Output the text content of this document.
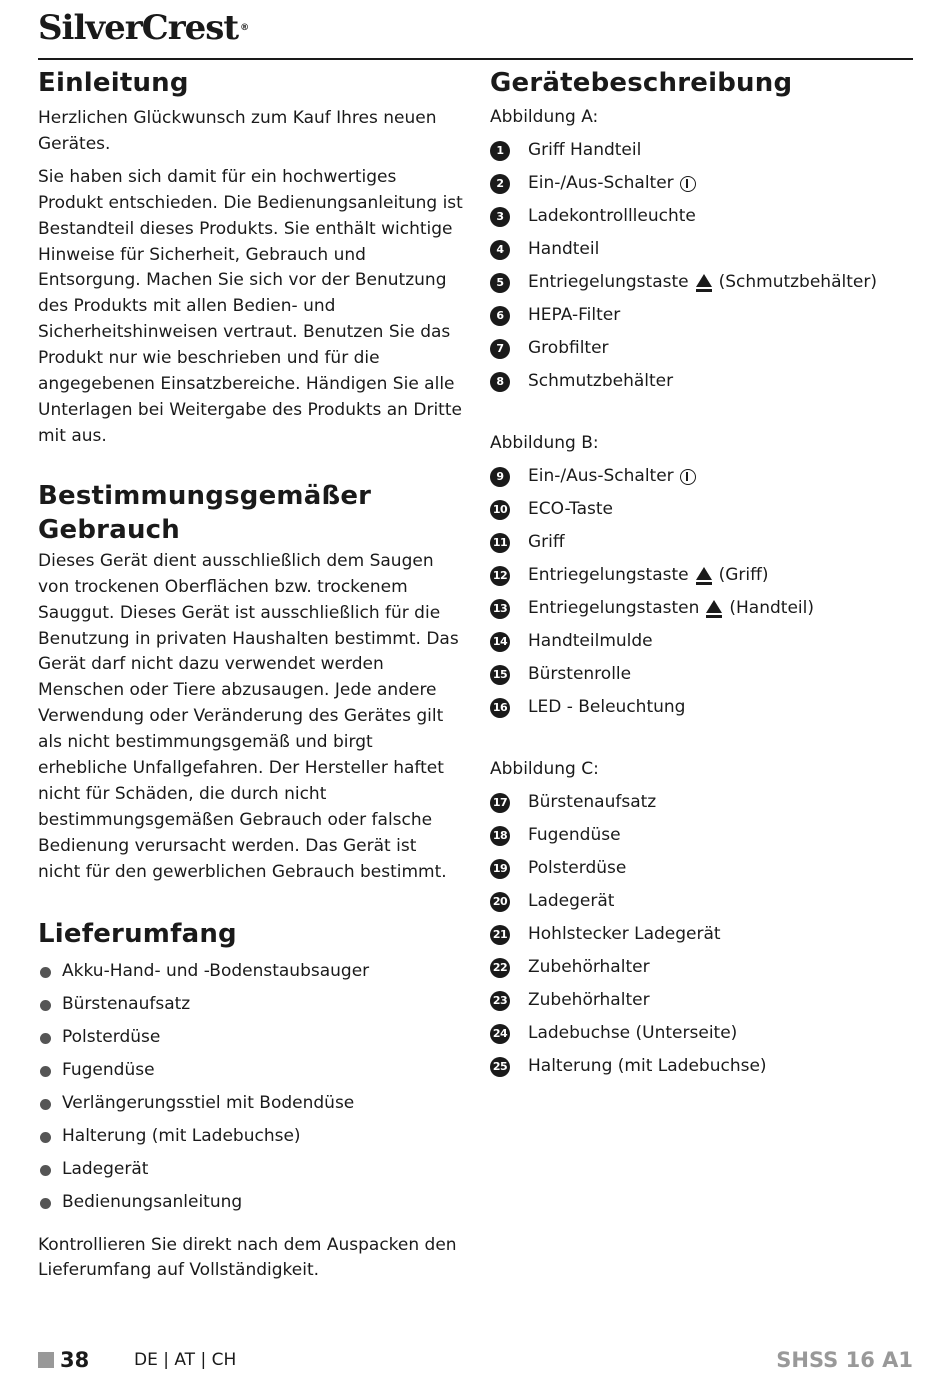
SilverCrest ®
Einleitung

Herzlichen Glückwunsch zum Kauf Ihres neuen Gerätes.

Sie haben sich damit für ein hochwertiges Produkt entschieden. Die Bedienungsanleitung ist Bestandteil dieses Produkts. Sie enthält wichtige Hinweise für Sicherheit, Gebrauch und Entsorgung. Machen Sie sich vor der Benutzung des Produkts mit allen Bedien- und Sicherheitshinweisen vertraut. Benutzen Sie das Produkt nur wie beschrieben und für die angegebenen Einsatzbereiche. Händigen Sie alle Unterlagen bei Weitergabe des Produkts an Dritte mit aus.

Bestimmungsgemäßer
Gebrauch

Dieses Gerät dient ausschließlich dem Saugen von trockenen Oberflächen bzw. trockenem Sauggut. Dieses Gerät ist ausschließlich für die Benutzung in privaten Haushalten bestimmt. Das Gerät darf nicht dazu verwendet werden Menschen oder Tiere abzusaugen. Jede andere Verwendung oder Veränderung des Gerätes gilt als nicht bestimmungsgemäß und birgt erhebliche Unfallgefahren. Der Hersteller haftet nicht für Schäden, die durch nicht bestimmungsgemäßen Gebrauch oder falsche Bedienung verursacht werden. Das Gerät ist nicht für den gewerblichen Gebrauch bestimmt.

Lieferumfang
Akku-Hand- und -Bodenstaubsauger
Bürstenaufsatz
Polsterdüse
Fugendüse
Verlängerungsstiel mit Bodendüse
Halterung (mit Ladebuchse)
Ladegerät
Bedienungsanleitung

Kontrollieren Sie direkt nach dem Auspacken den Lieferumfang auf Vollständigkeit.

Gerätebeschreibung
Abbildung A:
1	Griff Handteil
2	Ein-/Aus-Schalter
3	Ladekontrollleuchte
4	Handteil
5	Entriegelungstaste (Schmutzbehälter)
6	HEPA-Filter
7	Grobfilter
8	Schmutzbehälter
Abbildung B:
9	Ein-/Aus-Schalter
10 ECO-Taste
11 Griff
12 Entriegelungstaste (Griff)
13 Entriegelungstasten (Handteil)
14 Handteilmulde
15 Bürstenrolle
16 LED - Beleuchtung
Abbildung C:
17 Bürstenaufsatz
18 Fugendüse
19 Polsterdüse
20 Ladegerät
21 Hohlstecker Ladegerät
22 Zubehörhalter
23 Zubehörhalter
24 Ladebuchse (Unterseite)
25 Halterung (mit Ladebuchse)
38	DE | AT | CH	SHSS 16 A1
